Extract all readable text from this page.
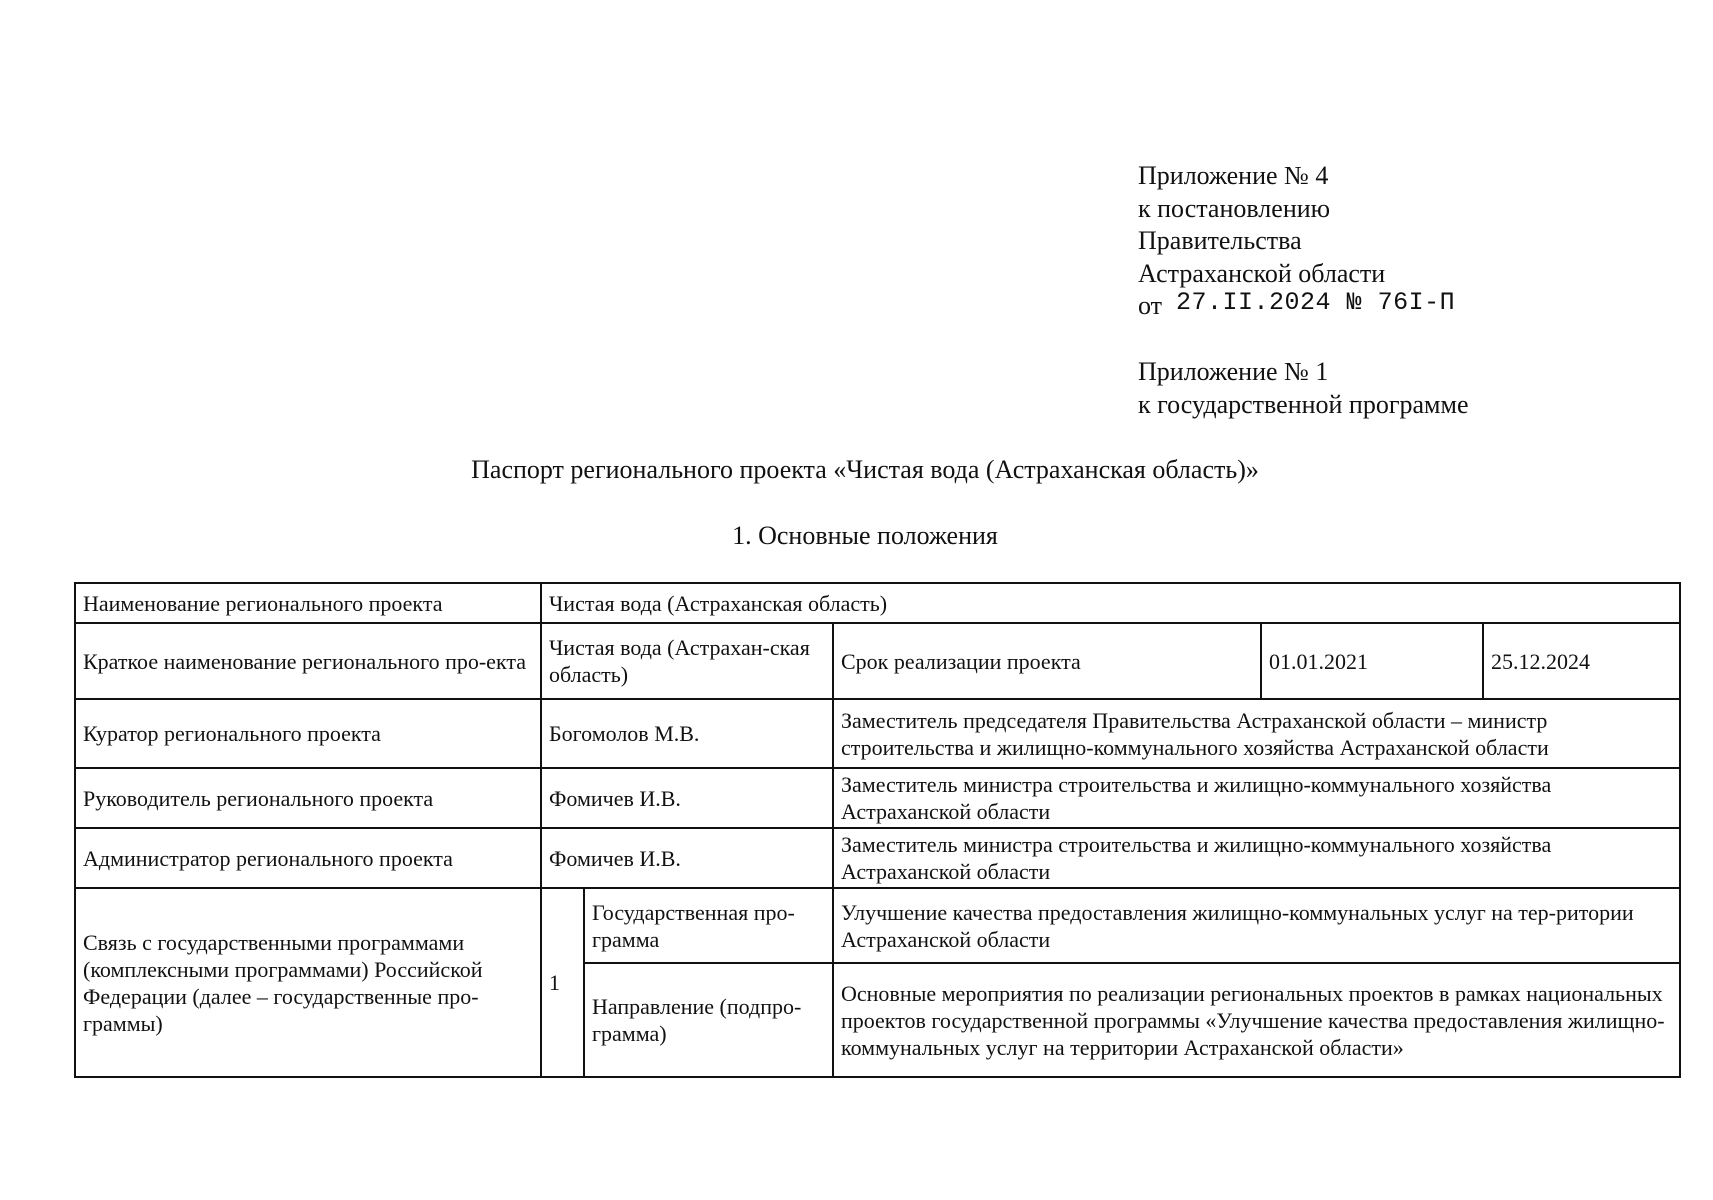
Приложение № 4
к постановлению
Правительства
Астраханской области
от 27.II.2024 № 76I-П
Приложение № 1
к государственной программе
Паспорт регионального проекта «Чистая вода (Астраханская область)»
1. Основные положения
Наименование регионального проекта	Чистая вода (Астраханская область)				
Краткое наименование регионального про-екта	Чистая вода (Астрахан-ская область)		Срок реализации проекта	01.01.2021	25.12.2024
Куратор регионального проекта	Богомолов М.В.		Заместитель председателя Правительства Астраханской области – министр строительства и жилищно-коммунального хозяйства Астраханской области		
Руководитель регионального проекта	Фомичев И.В.		Заместитель министра строительства и жилищно-коммунального хозяйства Астраханской области		
Администратор регионального проекта	Фомичев И.В.		Заместитель министра строительства и жилищно-коммунального хозяйства Астраханской области		
Связь с государственными программами (комплексными программами) Российской Федерации (далее – государственные про-граммы)	1	Государственная про-грамма	Улучшение качества предоставления жилищно-коммунальных услуг на тер-ритории Астраханской области		
		Направление (подпро-грамма)	Основные мероприятия по реализации региональных проектов в рамках национальных проектов государственной программы «Улучшение качества предоставления жилищно-коммунальных услуг на территории Астраханской области»		
